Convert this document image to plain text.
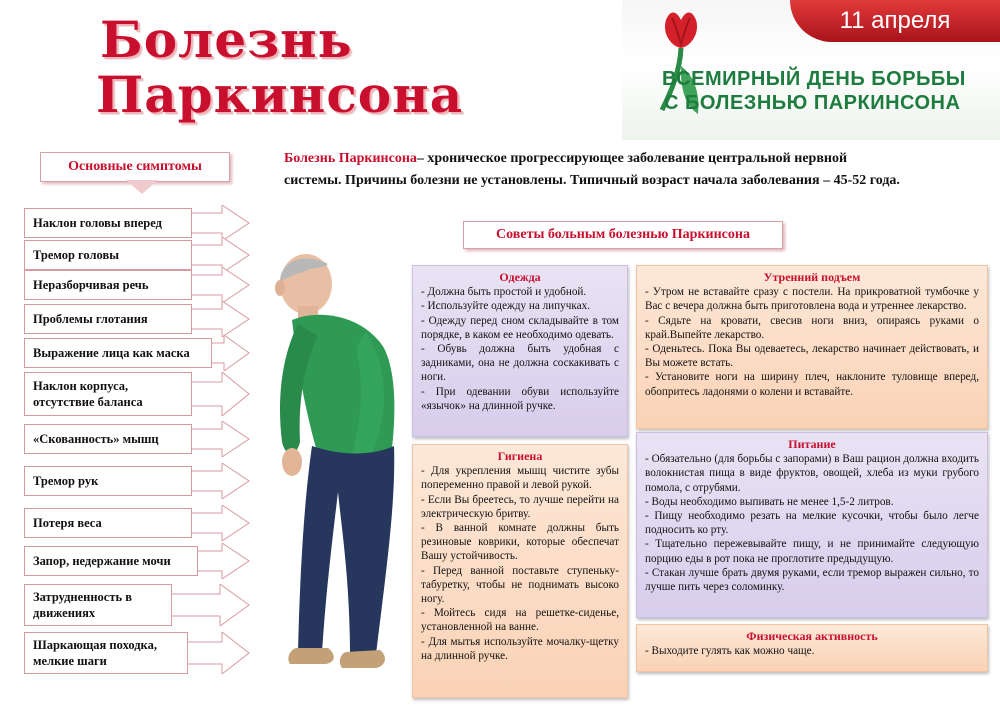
Болезнь
Паркинсона
11 апреля
ВСЕМИРНЫЙ ДЕНЬ БОРЬБЫ
С БОЛЕЗНЬЮ ПАРКИНСОНА
Основные симптомы
Наклон головы вперед
Тремор головы
Неразборчивая речь
Проблемы глотания
Выражение лица как маска
Наклон корпуса, отсутствие баланса
«Скованность» мышц
Тремор рук
Потеря веса
Запор, недержание мочи
Затрудненность в движениях
Шаркающая походка, мелкие шаги
Болезнь Паркинсона– хроническое прогрессирующее заболевание центральной нервной системы. Причины болезни не установлены. Типичный возраст начала заболевания – 45-52 года.
Советы больным болезнью Паркинсона
Одежда

- Должна быть простой и удобной.

- Используйте одежду на липучках.

- Одежду перед сном складывайте в том порядке, в каком ее необходимо одевать.

- Обувь должна быть удобная с задниками, она не должна соскакивать с ноги.

- При одевании обуви используйте «язычок» на длинной ручке.

Утренний подъем

- Утром не вставайте сразу с постели. На прикроватной тумбочке у Вас с вечера должна быть приготовлена вода и утреннее лекарство.

- Сядьте на кровати, свесив ноги вниз, опираясь руками о край.Выпейте лекарство.

- Оденьтесь. Пока Вы одеваетесь, лекарство начинает действовать, и Вы можете встать.

- Установите ноги на ширину плеч, наклоните туловище вперед, обопритесь ладонями о колени и вставайте.

Гигиена

- Для укрепления мышц чистите зубы попеременно правой и левой рукой.

- Если Вы бреетесь, то лучше перейти на электрическую бритву.

- В ванной комнате должны быть резиновые коврики, которые обеспечат Вашу устойчивость.

- Перед ванной поставьте ступеньку-табуретку, чтобы не поднимать высоко ногу.

- Мойтесь сидя на решетке-сиденье, установленной на ванне.

- Для мытья используйте мочалку-щетку на длинной ручке.

Питание

- Обязательно (для борьбы с запорами) в Ваш рацион должна входить волокнистая пища в виде фруктов, овощей, хлеба из муки грубого помола, с отрубями.

- Воды необходимо выпивать не менее 1,5-2 литров.

- Пищу необходимо резать на мелкие кусочки, чтобы было легче подносить ко рту.

- Тщательно пережевывайте пищу, и не принимайте следующую порцию еды в рот пока не проглотите предыдущую.

- Стакан лучше брать двумя руками, если тремор выражен сильно, то лучше пить через соломинку.

Физическая активность

- Выходите гулять как можно чаще.
